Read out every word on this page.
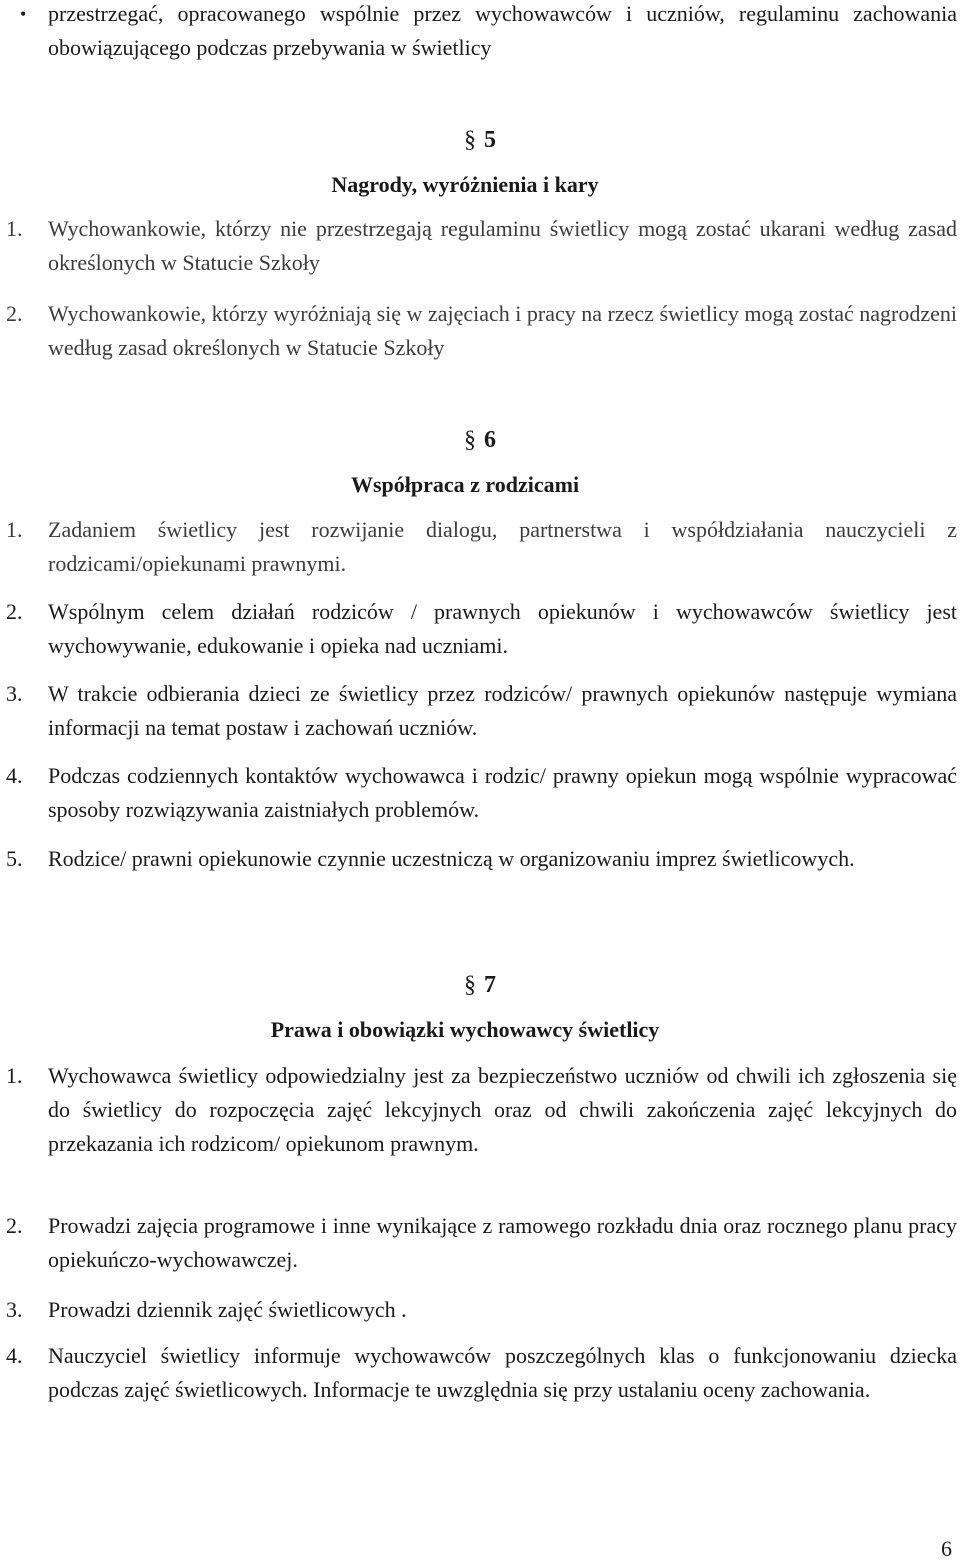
• przestrzegać, opracowanego wspólnie przez wychowawców i uczniów, regulaminu zachowania obowiązującego podczas przebywania w świetlicy
§ 5
Nagrody, wyróżnienia i kary
1.	Wychowankowie, którzy nie przestrzegają regulaminu świetlicy mogą zostać ukarani według zasad określonych w Statucie Szkoły
2.	Wychowankowie, którzy wyróżniają się w zajęciach i pracy na rzecz świetlicy mogą zostać nagrodzeni według zasad określonych w Statucie Szkoły
§ 6
Współpraca z rodzicami
1.	Zadaniem świetlicy jest rozwijanie dialogu, partnerstwa i współdziałania nauczycieli z rodzicami/opiekunami prawnymi.
2.	Wspólnym celem działań rodziców / prawnych opiekunów i wychowawców świetlicy jest wychowywanie, edukowanie i opieka nad uczniami.
3.	W trakcie odbierania dzieci ze świetlicy przez rodziców/ prawnych opiekunów następuje wymiana informacji na temat postaw i zachowań uczniów.
4.	Podczas codziennych kontaktów wychowawca i rodzic/ prawny opiekun mogą wspólnie wypracować sposoby rozwiązywania zaistniałych problemów.
5.	Rodzice/ prawni opiekunowie czynnie uczestniczą w organizowaniu imprez świetlicowych.
§ 7
Prawa i obowiązki wychowawcy świetlicy
1.	Wychowawca świetlicy odpowiedzialny jest za bezpieczeństwo uczniów od chwili ich zgłoszenia się do świetlicy do rozpoczęcia zajęć lekcyjnych oraz od chwili zakończenia zajęć lekcyjnych do przekazania ich rodzicom/ opiekunom prawnym.
2.	Prowadzi zajęcia programowe i inne wynikające z ramowego rozkładu dnia oraz rocznego planu pracy opiekuńczo-wychowawczej.
3.	Prowadzi dziennik zajęć świetlicowych .
4.	Nauczyciel świetlicy informuje wychowawców poszczególnych klas o funkcjonowaniu dziecka podczas zajęć świetlicowych. Informacje te uwzględnia się przy ustalaniu oceny zachowania.
6
